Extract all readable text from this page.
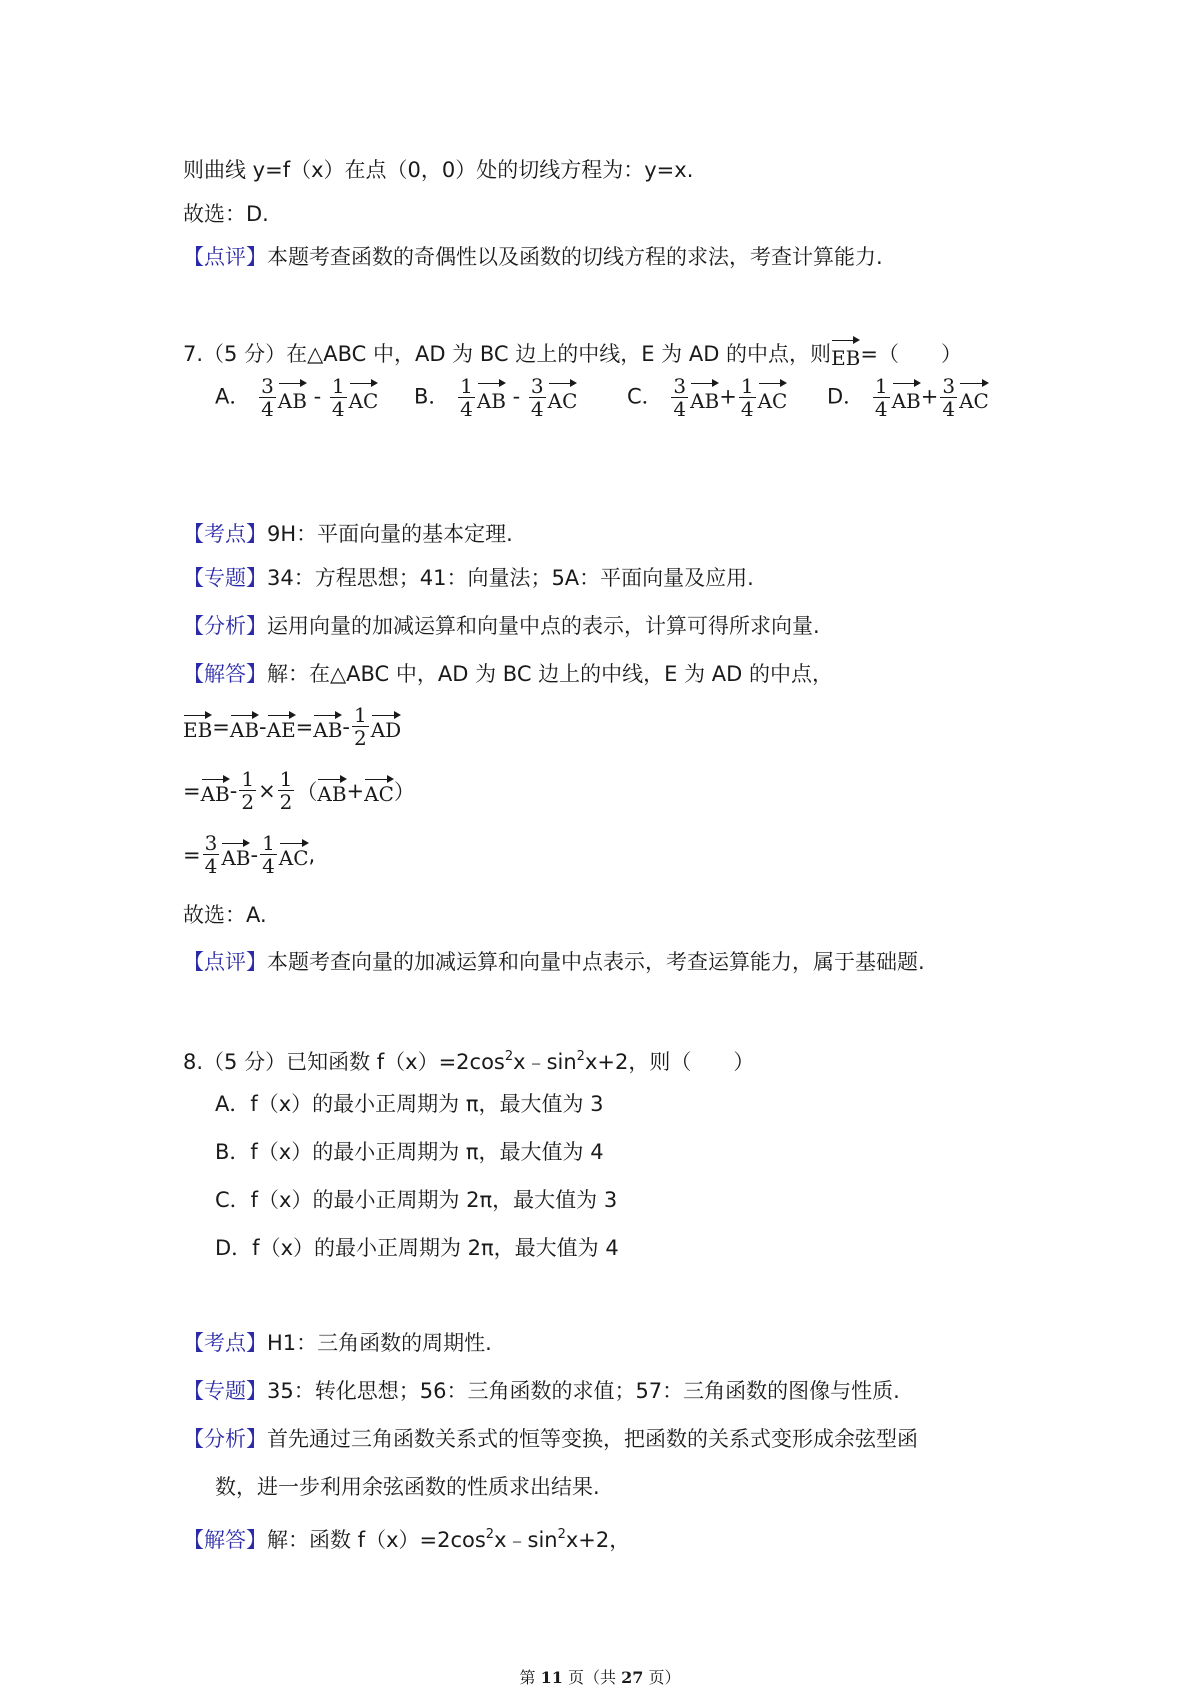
则曲线 y=f（x）在点（0，0）处的切线方程为：y=x.
故选：D.
【点评】本题考查函数的奇偶性以及函数的切线方程的求法，考查计算能力.
7.（5 分）在△ABC 中，AD 为 BC 边上的中线，E 为 AD 的中点，则EB=（　　）
A． $\frac{3}{4}$ AB - $\frac{1}{4}$ AC B． $\frac{1}{4}$ AB - $\frac{3}{4}$ AC C． $\frac{3}{4} AB+ \frac{1}{4}$ AC D． $\frac{1}{4} AB+ \frac{3}{4}$ AC
【考点】9H：平面向量的基本定理.
【专题】34：方程思想；41：向量法；5A：平面向量及应用.
【分析】运用向量的加减运算和向量中点的表示，计算可得所求向量.
【解答】解：在△ABC 中，AD 为 BC 边上的中线，E 为 AD 的中点，
EB = AB - AE = AB - $\frac{1}{2}$ AD
= AB - $\frac{1}{2} \times \frac{1}{2}$ （ AB + AC ）
= $\frac{3}{4}$ AB - $\frac{1}{4}$ AC ,
故选：A.
【点评】本题考查向量的加减运算和向量中点表示，考查运算能力，属于基础题.
8.（5 分）已知函数 $f(x)=2\cos^2x﹣\sin^2x+2$，则（　　）
A．f（x）的最小正周期为 π，最大值为 3
B．f（x）的最小正周期为 π，最大值为 4
C．f（x）的最小正周期为 2π，最大值为 3
D．f（x）的最小正周期为 2π，最大值为 4
【考点】H1：三角函数的周期性.
【专题】35：转化思想；56：三角函数的求值；57：三角函数的图像与性质.
【分析】首先通过三角函数关系式的恒等变换，把函数的关系式变形成余弦型函
数，进一步利用余弦函数的性质求出结果.
【解答】解：函数 $f(x)=2\cos^2x﹣\sin^2x+2$，
第 11 页（共 27 页）
